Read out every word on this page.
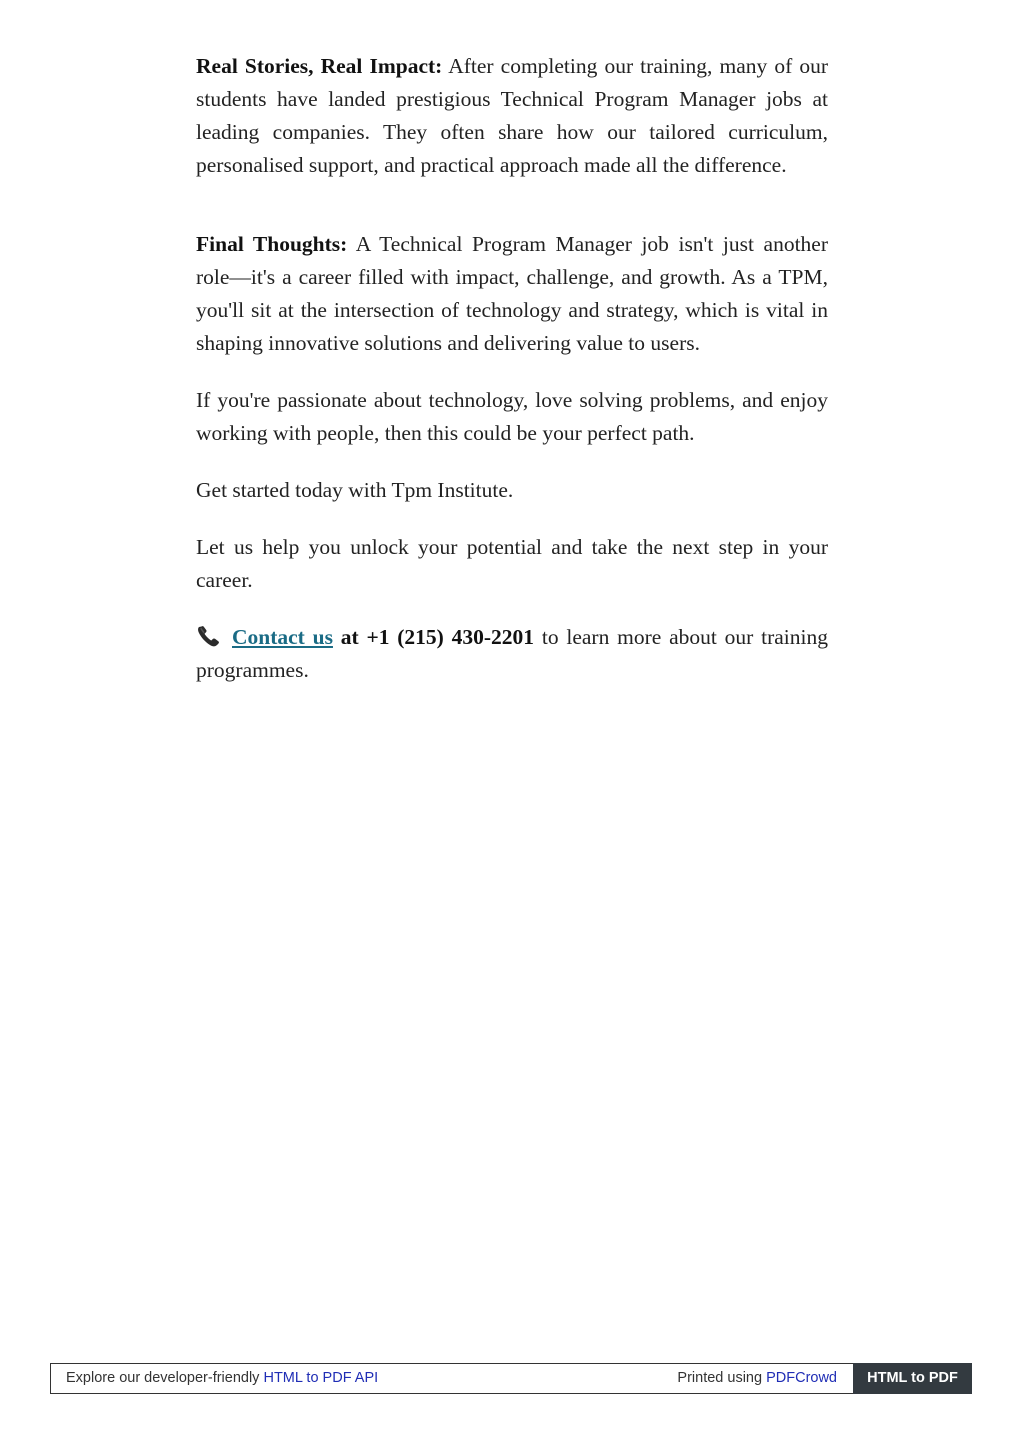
Real Stories, Real Impact: After completing our training, many of our students have landed prestigious Technical Program Manager jobs at leading companies. They often share how our tailored curriculum, personalised support, and practical approach made all the difference.

Final Thoughts: A Technical Program Manager job isn't just another role—it's a career filled with impact, challenge, and growth. As a TPM, you'll sit at the intersection of technology and strategy, which is vital in shaping innovative solutions and delivering value to users.

If you're passionate about technology, love solving problems, and enjoy working with people, then this could be your perfect path.

Get started today with Tpm Institute.

Let us help you unlock your potential and take the next step in your career.

Contact us at +1 (215) 430-2201 to learn more about our training programmes.

Explore our developer-friendly HTML to PDF API	Printed using PDFCrowd	HTML to PDF
